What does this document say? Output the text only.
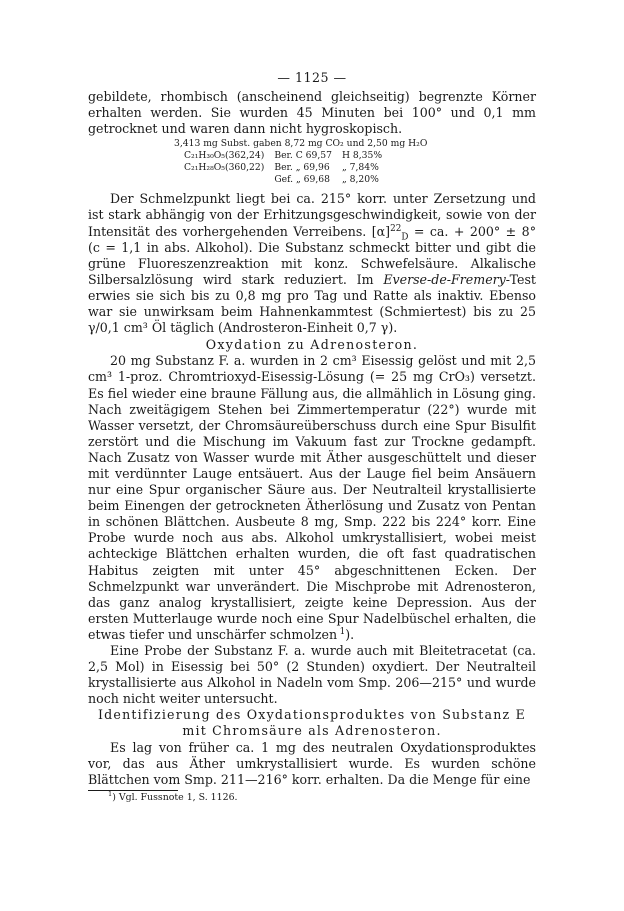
— 1125 —

gebildete, rhombisch (anscheinend gleichseitig) begrenzte Körner erhalten werden. Sie wurden 45 Minuten bei 100° und 0,1 mm getrocknet und waren dann nicht hygroskopisch.

3,413 mg Subst. gaben 8,72 mg CO₂ und 2,50 mg H₂O
C₂₁H₃₀O₅(362,24)	Ber. C 69,57	H 8,35%
C₂₁H₂₈O₅(360,22)	Ber. „ 69,96	„ 7,84%
	Gef. „ 69,68	„ 8,20%

Der Schmelzpunkt liegt bei ca. 215° korr. unter Zersetzung und ist stark abhängig von der Erhitzungsgeschwindigkeit, sowie von der Intensität des vorhergehenden Verreibens. $[\alpha]^{22}_D$ = ca. + 200° ± 8° (c = 1,1 in abs. Alkohol). Die Substanz schmeckt bitter und gibt die grüne Fluoreszenzreaktion mit konz. Schwefelsäure. Alkalische Silbersalzlösung wird stark reduziert. Im Everse-de-Fremery-Test erwies sie sich bis zu 0,8 mg pro Tag und Ratte als inaktiv. Ebenso war sie unwirksam beim Hahnenkammtest (Schmiertest) bis zu 25 γ/0,1 cm³ Öl täglich (Androsteron-Einheit 0,7 γ).

Oxydation zu Adrenosteron.

20 mg Substanz F. a. wurden in 2 cm³ Eisessig gelöst und mit 2,5 cm³ 1-proz. Chromtrioxyd-Eisessig-Lösung (= 25 mg CrO₃) versetzt. Es fiel wieder eine braune Fällung aus, die allmählich in Lösung ging. Nach zweitägigem Stehen bei Zimmertemperatur (22°) wurde mit Wasser versetzt, der Chromsäureüberschuss durch eine Spur Bisulfit zerstört und die Mischung im Vakuum fast zur Trockne gedampft. Nach Zusatz von Wasser wurde mit Äther ausgeschüttelt und dieser mit verdünnter Lauge entsäuert. Aus der Lauge fiel beim Ansäuern nur eine Spur organischer Säure aus. Der Neutralteil krystallisierte beim Einengen der getrockneten Ätherlösung und Zusatz von Pentan in schönen Blättchen. Ausbeute 8 mg, Smp. 222 bis 224° korr. Eine Probe wurde noch aus abs. Alkohol umkrystallisiert, wobei meist achteckige Blättchen erhalten wurden, die oft fast quadratischen Habitus zeigten mit unter 45° abgeschnittenen Ecken. Der Schmelzpunkt war unverändert. Die Mischprobe mit Adrenosteron, das ganz analog krystallisiert, zeigte keine Depression. Aus der ersten Mutterlauge wurde noch eine Spur Nadelbüschel erhalten, die etwas tiefer und unschärfer schmolzen  $^1$).

Eine Probe der Substanz F. a. wurde auch mit Bleitetracetat (ca. 2,5 Mol) in Eisessig bei 50° (2 Stunden) oxydiert. Der Neutralteil krystallisierte aus Alkohol in Nadeln vom Smp. 206—215° und wurde noch nicht weiter untersucht.

Identifizierung des Oxydationsproduktes von Substanz E
mit Chromsäure als Adrenosteron.

Es lag von früher ca. 1 mg des neutralen Oxydationsproduktes vor, das aus Äther umkrystallisiert wurde. Es wurden schöne Blättchen vom Smp. 211—216° korr. erhalten. Da die Menge für eine

$^1$) Vgl. Fussnote 1, S. 1126.
